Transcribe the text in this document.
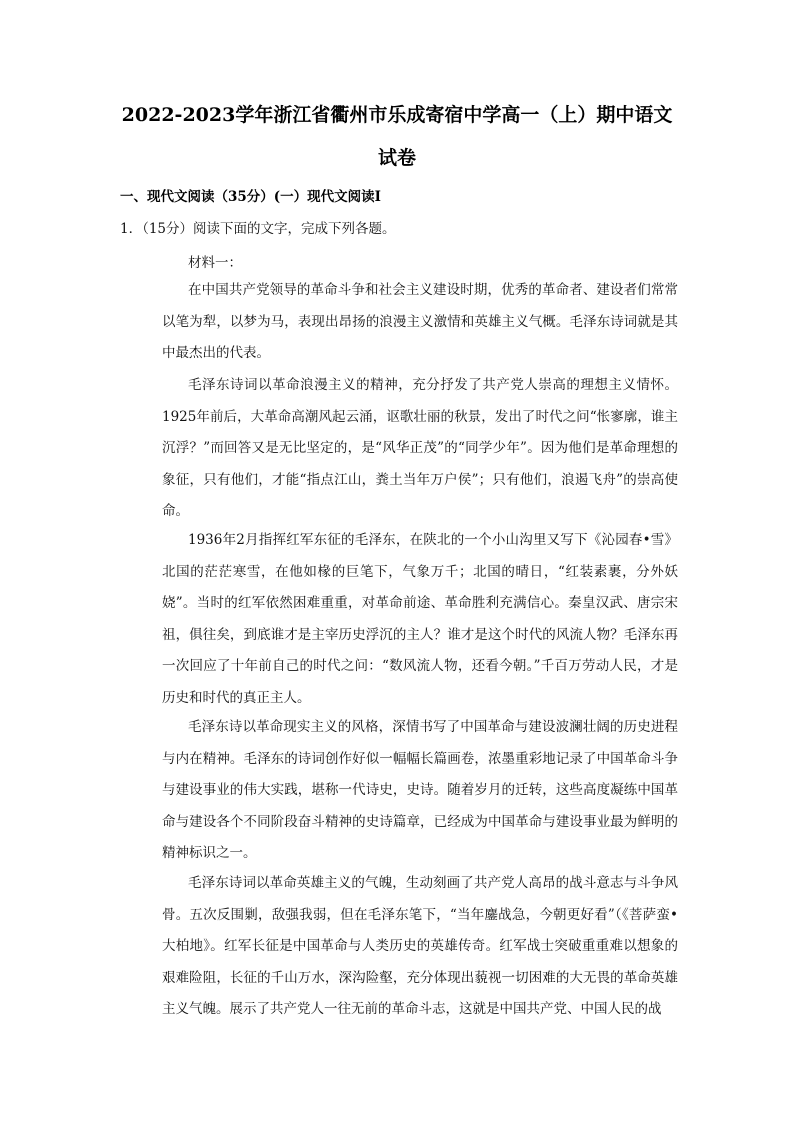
2022-2023学年浙江省衢州市乐成寄宿中学高一（上）期中语文
试卷
一、现代文阅读（35分）(一）现代文阅读Ⅰ
1．（15分）阅读下面的文字，完成下列各题。
材料一：

在中国共产党领导的革命斗争和社会主义建设时期，优秀的革命者、建设者们常常以笔为犁，以梦为马，表现出昂扬的浪漫主义激情和英雄主义气概。毛泽东诗词就是其中最杰出的代表。

毛泽东诗词以革命浪漫主义的精神，充分抒发了共产党人崇高的理想主义情怀。1925年前后，大革命高潮风起云涌，讴歌壮丽的秋景，发出了时代之问“怅寥廓，谁主沉浮？”而回答又是无比坚定的，是“风华正茂”的“同学少年”。因为他们是革命理想的象征，只有他们，才能“指点江山，粪土当年万户侯”；只有他们，浪遏飞舟”的崇高使命。

1936年2月指挥红军东征的毛泽东，在陕北的一个小山沟里又写下《沁园春•雪》北国的茫茫寒雪，在他如椽的巨笔下，气象万千；北国的晴日，“红装素裹，分外妖娆”。当时的红军依然困难重重，对革命前途、革命胜利充满信心。秦皇汉武、唐宗宋祖，俱往矣，到底谁才是主宰历史浮沉的主人？谁才是这个时代的风流人物？毛泽东再一次回应了十年前自己的时代之问：“数风流人物，还看今朝。”千百万劳动人民，才是历史和时代的真正主人。

毛泽东诗以革命现实主义的风格，深情书写了中国革命与建设波澜壮阔的历史进程与内在精神。毛泽东的诗词创作好似一幅幅长篇画卷，浓墨重彩地记录了中国革命斗争与建设事业的伟大实践，堪称一代诗史，史诗。随着岁月的迁转，这些高度凝练中国革命与建设各个不同阶段奋斗精神的史诗篇章，已经成为中国革命与建设事业最为鲜明的精神标识之一。

毛泽东诗词以革命英雄主义的气魄，生动刻画了共产党人高昂的战斗意志与斗争风骨。五次反围剿，敌强我弱，但在毛泽东笔下，“当年鏖战急，今朝更好看”（《菩萨蛮•大柏地》。红军长征是中国革命与人类历史的英雄传奇。红军战士突破重重难以想象的艰难险阻，长征的千山万水，深沟险壑，充分体现出藐视一切困难的大无畏的革命英雄主义气魄。展示了共产党人一往无前的革命斗志，这就是中国共产党、中国人民的战
